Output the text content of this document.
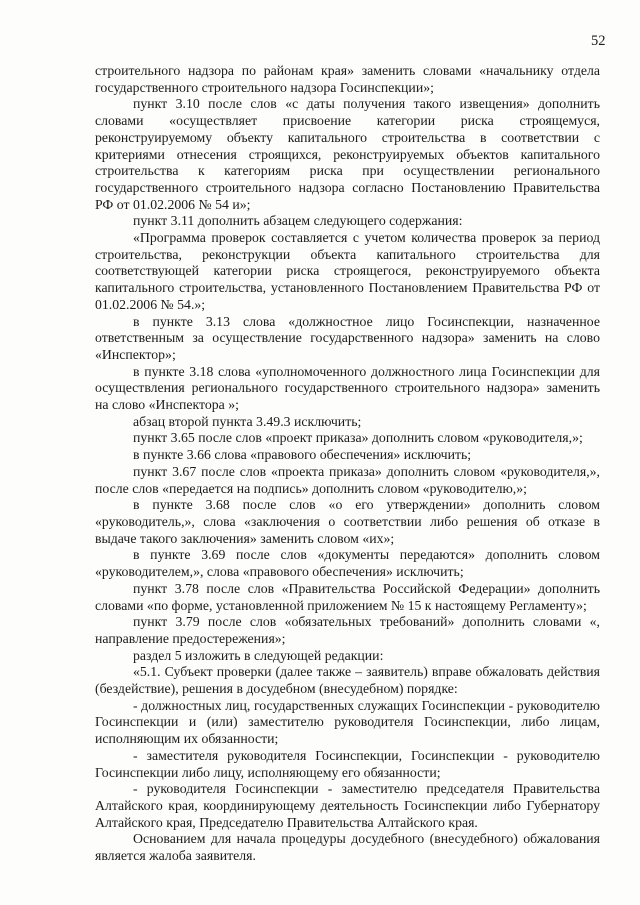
52

строительного надзора по районам края» заменить словами «начальнику отдела государственного строительного надзора Госинспекции»;

пункт 3.10 после слов «с даты получения такого извещения» дополнить словами «осуществляет присвоение категории риска строящемуся, реконструируемому объекту капитального строительства в соответствии с критериями отнесения строящихся, реконструируемых объектов капитального строительства к категориям риска при осуществлении регионального государственного строительного надзора согласно Постановлению Правительства РФ от 01.02.2006 № 54 и»;

пункт 3.11 дополнить абзацем следующего содержания:

«Программа проверок составляется с учетом количества проверок за период строительства, реконструкции объекта капитального строительства для соответствующей категории риска строящегося, реконструируемого объекта капитального строительства, установленного Постановлением Правительства РФ от 01.02.2006 № 54.»;

в пункте 3.13 слова «должностное лицо Госинспекции, назначенное ответственным за осуществление государственного надзора» заменить на слово «Инспектор»;

в пункте 3.18 слова «уполномоченного должностного лица Госинспекции для осуществления регионального государственного строительного надзора» заменить на слово «Инспектора »;

абзац второй пункта 3.49.3 исключить;

пункт 3.65 после слов «проект приказа» дополнить словом «руководителя,»;

в пункте 3.66 слова «правового обеспечения» исключить;

пункт 3.67 после слов «проекта приказа» дополнить словом «руководителя,», после слов «передается на подпись» дополнить словом «руководителю,»;

в пункте 3.68 после слов «о его утверждении» дополнить словом «руководитель,», слова «заключения о соответствии либо решения об отказе в выдаче такого заключения» заменить словом «их»;

в пункте 3.69 после слов «документы передаются» дополнить словом «руководителем,», слова «правового обеспечения» исключить;

пункт 3.78 после слов «Правительства Российской Федерации» дополнить словами «по форме, установленной приложением № 15 к настоящему Регламенту»;

пункт 3.79 после слов «обязательных требований» дополнить словами «, направление предостережения»;

раздел 5 изложить в следующей редакции:

«5.1. Субъект проверки (далее также – заявитель) вправе обжаловать действия (бездействие), решения в досудебном (внесудебном) порядке:

- должностных лиц, государственных служащих Госинспекции - руководителю Госинспекции и (или) заместителю руководителя Госинспекции, либо лицам, исполняющим их обязанности;

- заместителя руководителя Госинспекции, Госинспекции - руководителю Госинспекции либо лицу, исполняющему его обязанности;

- руководителя Госинспекции - заместителю председателя Правительства Алтайского края, координирующему деятельность Госинспекции либо Губернатору Алтайского края, Председателю Правительства Алтайского края.

Основанием для начала процедуры досудебного (внесудебного) обжалования является жалоба заявителя.
